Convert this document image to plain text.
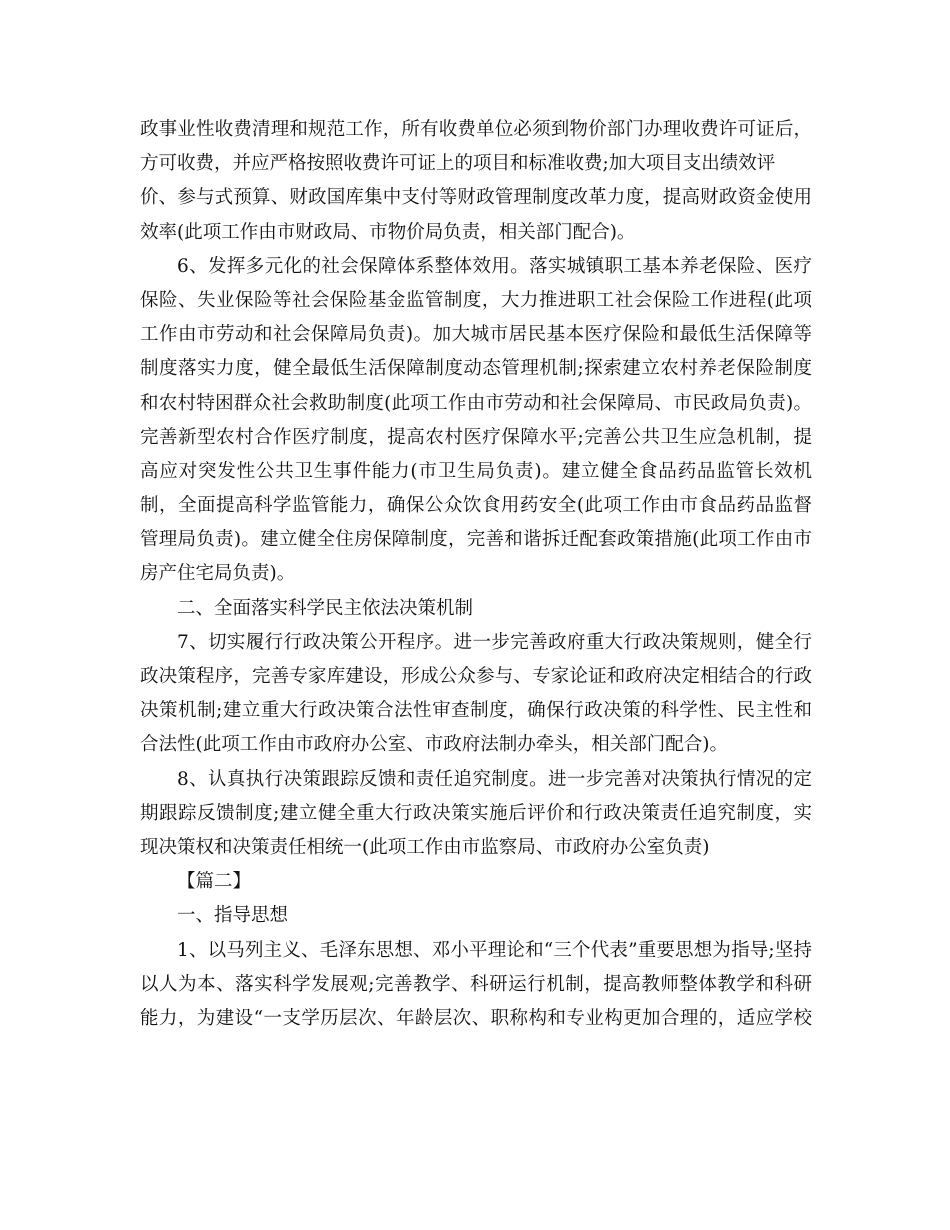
政事业性收费清理和规范工作，所有收费单位必须到物价部门办理收费许可证后，
方可收费，并应严格按照收费许可证上的项目和标准收费;加大项目支出绩效评
价、参与式预算、财政国库集中支付等财政管理制度改革力度，提高财政资金使用
效率(此项工作由市财政局、市物价局负责，相关部门配合)。
6、发挥多元化的社会保障体系整体效用。落实城镇职工基本养老保险、医疗
保险、失业保险等社会保险基金监管制度，大力推进职工社会保险工作进程(此项
工作由市劳动和社会保障局负责)。加大城市居民基本医疗保险和最低生活保障等
制度落实力度，健全最低生活保障制度动态管理机制;探索建立农村养老保险制度
和农村特困群众社会救助制度(此项工作由市劳动和社会保障局、市民政局负责)。
完善新型农村合作医疗制度，提高农村医疗保障水平;完善公共卫生应急机制，提
高应对突发性公共卫生事件能力(市卫生局负责)。建立健全食品药品监管长效机
制，全面提高科学监管能力，确保公众饮食用药安全(此项工作由市食品药品监督
管理局负责)。建立健全住房保障制度，完善和谐拆迁配套政策措施(此项工作由市
房产住宅局负责)。
二、全面落实科学民主依法决策机制
7、切实履行行政决策公开程序。进一步完善政府重大行政决策规则，健全行
政决策程序，完善专家库建设，形成公众参与、专家论证和政府决定相结合的行政
决策机制;建立重大行政决策合法性审查制度，确保行政决策的科学性、民主性和
合法性(此项工作由市政府办公室、市政府法制办牵头，相关部门配合)。
8、认真执行决策跟踪反馈和责任追究制度。进一步完善对决策执行情况的定
期跟踪反馈制度;建立健全重大行政决策实施后评价和行政决策责任追究制度，实
现决策权和决策责任相统一(此项工作由市监察局、市政府办公室负责)
【篇二】
一、指导思想
1、以马列主义、毛泽东思想、邓小平理论和“三个代表”重要思想为指导;坚持
以人为本、落实科学发展观;完善教学、科研运行机制，提高教师整体教学和科研
能力，为建设“一支学历层次、年龄层次、职称构和专业构更加合理的，适应学校
